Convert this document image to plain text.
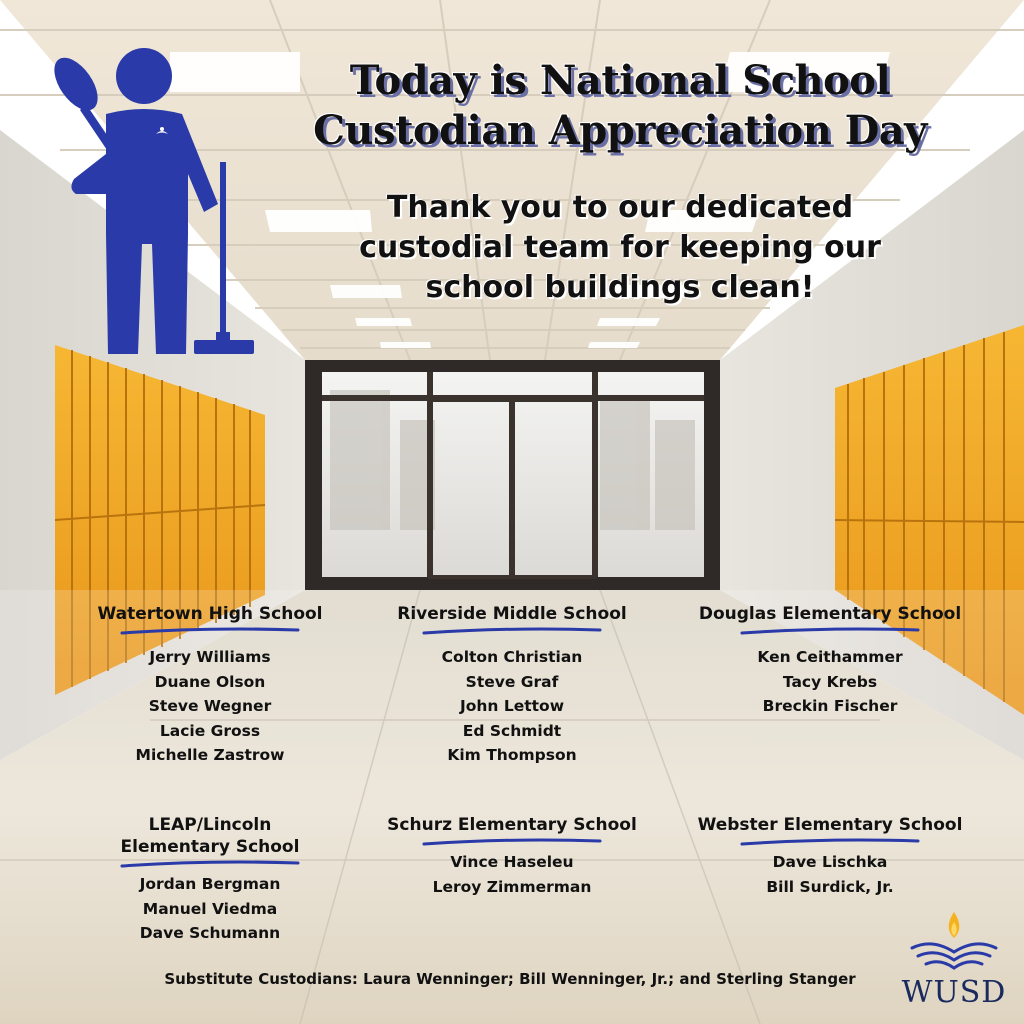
Today is National School
Custodian Appreciation Day

Thank you to our dedicated
custodial team for keeping our
school buildings clean!

Watertown High School
Jerry Williams
Duane Olson
Steve Wegner
Lacie Gross
Michelle Zastrow
Riverside Middle School
Colton Christian
Steve Graf
John Lettow
Ed Schmidt
Kim Thompson
Douglas Elementary School
Ken Ceithammer
Tacy Krebs
Breckin Fischer
LEAP/Lincoln
Elementary School
Jordan Bergman
Manuel Viedma
Dave Schumann
Schurz Elementary School
Vince Haseleu
Leroy Zimmerman
Webster Elementary School
Dave Lischka
Bill Surdick, Jr.
Substitute Custodians: Laura Wenninger; Bill Wenninger, Jr.; and Sterling Stanger	WUSD
